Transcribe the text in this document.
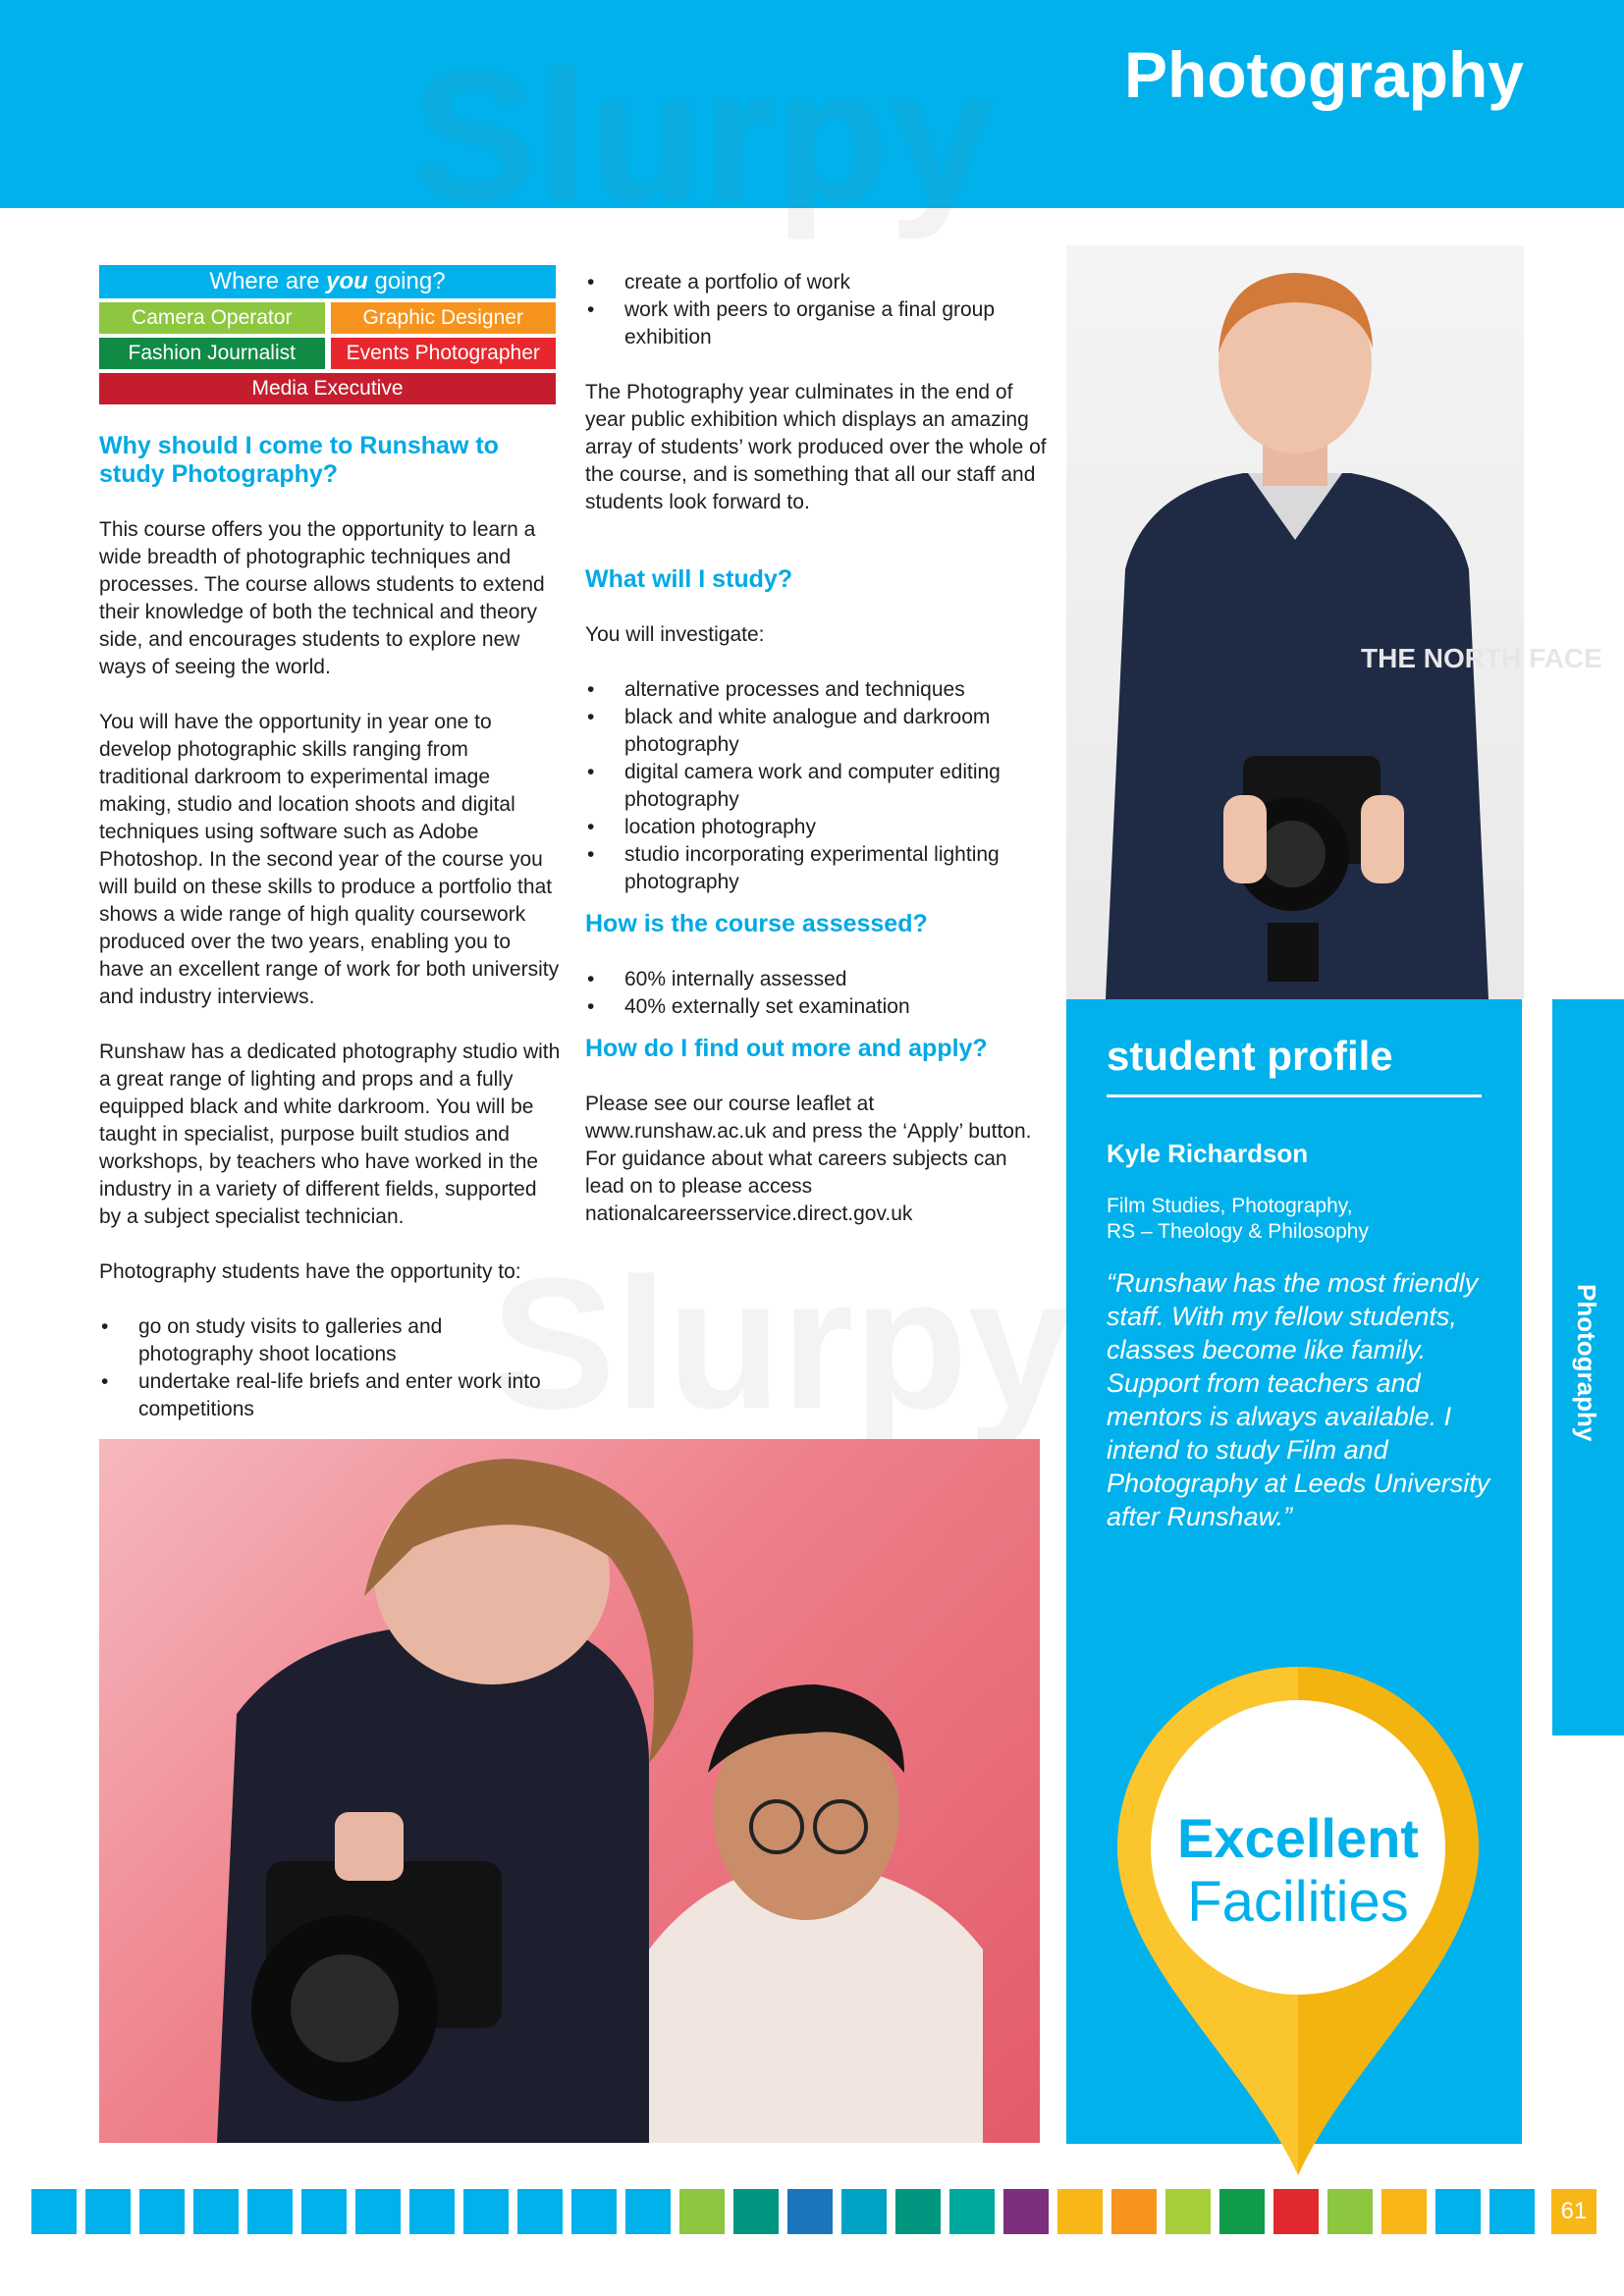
Photography
Slurpy
Where are you going?
Camera Operator	Graphic Designer
Fashion Journalist	Events Photographer
Media Executive
Why should I come to Runshaw to study Photography?

This course offers you the opportunity to learn a wide breadth of photographic techniques and processes. The course allows students to extend their knowledge of both the technical and theory side, and encourages students to explore new ways of seeing the world.

You will have the opportunity in year one to develop photographic skills ranging from traditional darkroom to experimental image making, studio and location shoots and digital techniques using software such as Adobe Photoshop. In the second year of the course you will build on these skills to produce a portfolio that shows a wide range of high quality coursework produced over the two years, enabling you to have an excellent range of work for both university and industry interviews.

Runshaw has a dedicated photography studio with a great range of lighting and props and a fully equipped black and white darkroom. You will be taught in specialist, purpose built studios and workshops, by teachers who have worked in the industry in a variety of different fields, supported by a subject specialist technician.

Photography students have the opportunity to:

• go on study visits to galleries and photography shoot locations
• undertake real-life briefs and enter work into competitions
• create a portfolio of work
• work with peers to organise a final group exhibition

The Photography year culminates in the end of year public exhibition which displays an amazing array of students’ work produced over the whole of the course, and is something that all our staff and students look forward to.

What will I study?

You will investigate:

• alternative processes and techniques
• black and white analogue and darkroom photography
• digital camera work and computer editing photography
• location photography
• studio incorporating experimental lighting photography
How is the course assessed?
• 60% internally assessed
• 40% externally set examination
How do I find out more and apply?

Please see our course leaflet at www.runshaw.ac.uk and press the ‘Apply’ button. For guidance about what careers subjects can lead on to please access nationalcareersservice.direct.gov.uk

THE NORTH FACE
student profile
Kyle Richardson
Film Studies, Photography,
RS – Theology & Philosophy
“Runshaw has the most friendly staff. With my fellow students, classes become like family. Support from teachers and mentors is always available. I intend to study Film and Photography at Leeds University after Runshaw.”
Photography
Excellent
Facilities
61
